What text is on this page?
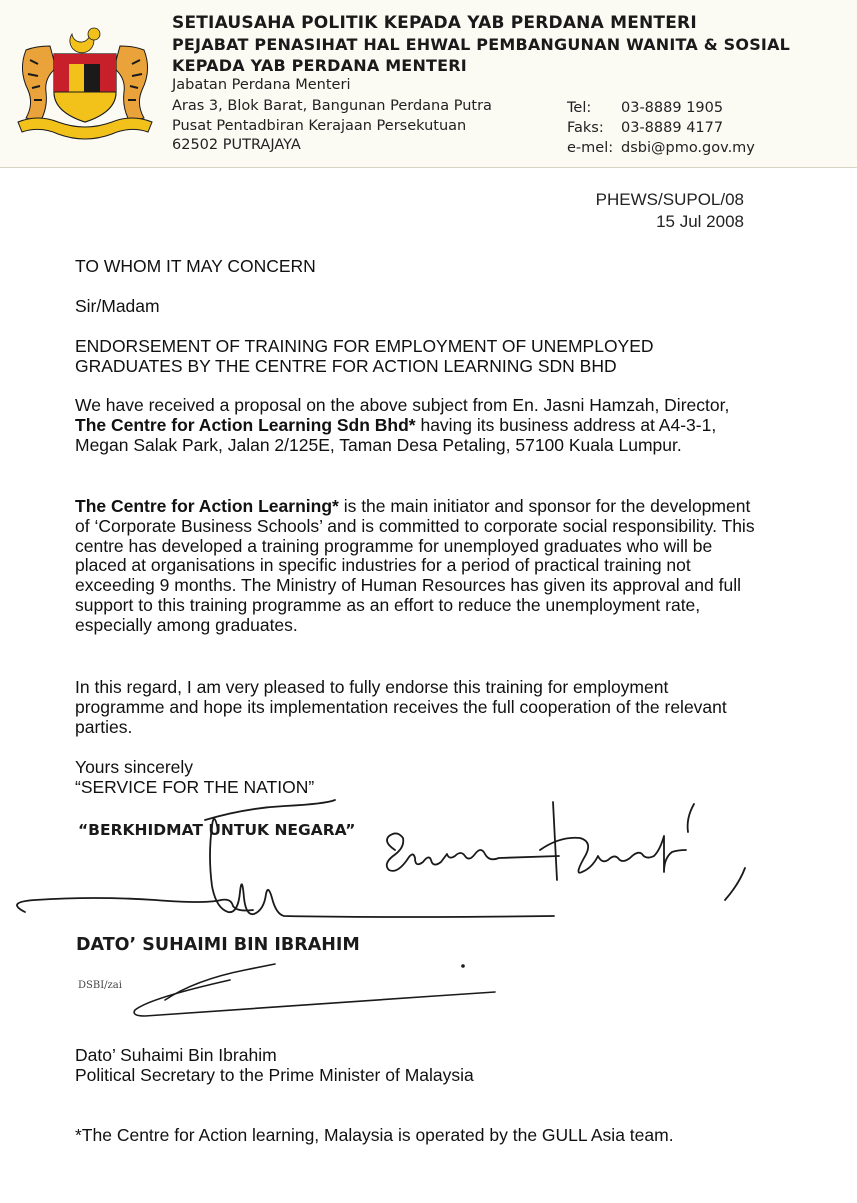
SETIAUSAHA POLITIK KEPADA YAB PERDANA MENTERI
PEJABAT PENASIHAT HAL EHWAL PEMBANGUNAN WANITA & SOSIAL
KEPADA YAB PERDANA MENTERI
Jabatan Perdana Menteri
Aras 3, Blok Barat, Bangunan Perdana Putra
Pusat Pentadbiran Kerajaan Persekutuan
62502 PUTRAJAYA
Tel: 03-8889 1905
Faks: 03-8889 4177
e-mel: dsbi@pmo.gov.my
PHEWS/SUPOL/08
15 Jul 2008
TO WHOM IT MAY CONCERN
Sir/Madam
ENDORSEMENT OF TRAINING FOR EMPLOYMENT OF UNEMPLOYED GRADUATES BY THE CENTRE FOR ACTION LEARNING SDN BHD
We have received a proposal on the above subject from En. Jasni Hamzah, Director, The Centre for Action Learning Sdn Bhd* having its business address at A4-3-1, Megan Salak Park, Jalan 2/125E, Taman Desa Petaling, 57100 Kuala Lumpur.
The Centre for Action Learning* is the main initiator and sponsor for the development of ‘Corporate Business Schools’ and is committed to corporate social responsibility. This centre has developed a training programme for unemployed graduates who will be placed at organisations in specific industries for a period of practical training not exceeding 9 months. The Ministry of Human Resources has given its approval and full support to this training programme as an effort to reduce the unemployment rate, especially among graduates.
In this regard, I am very pleased to fully endorse this training for employment programme and hope its implementation receives the full cooperation of the relevant parties.
Yours sincerely
“SERVICE FOR THE NATION”
“BERKHIDMAT UNTUK NEGARA”
DATO’ SUHAIMI BIN IBRAHIM
DSBI/zai
Dato’ Suhaimi Bin Ibrahim
Political Secretary to the Prime Minister of Malaysia
*The Centre for Action learning, Malaysia is operated by the GULL Asia team.
